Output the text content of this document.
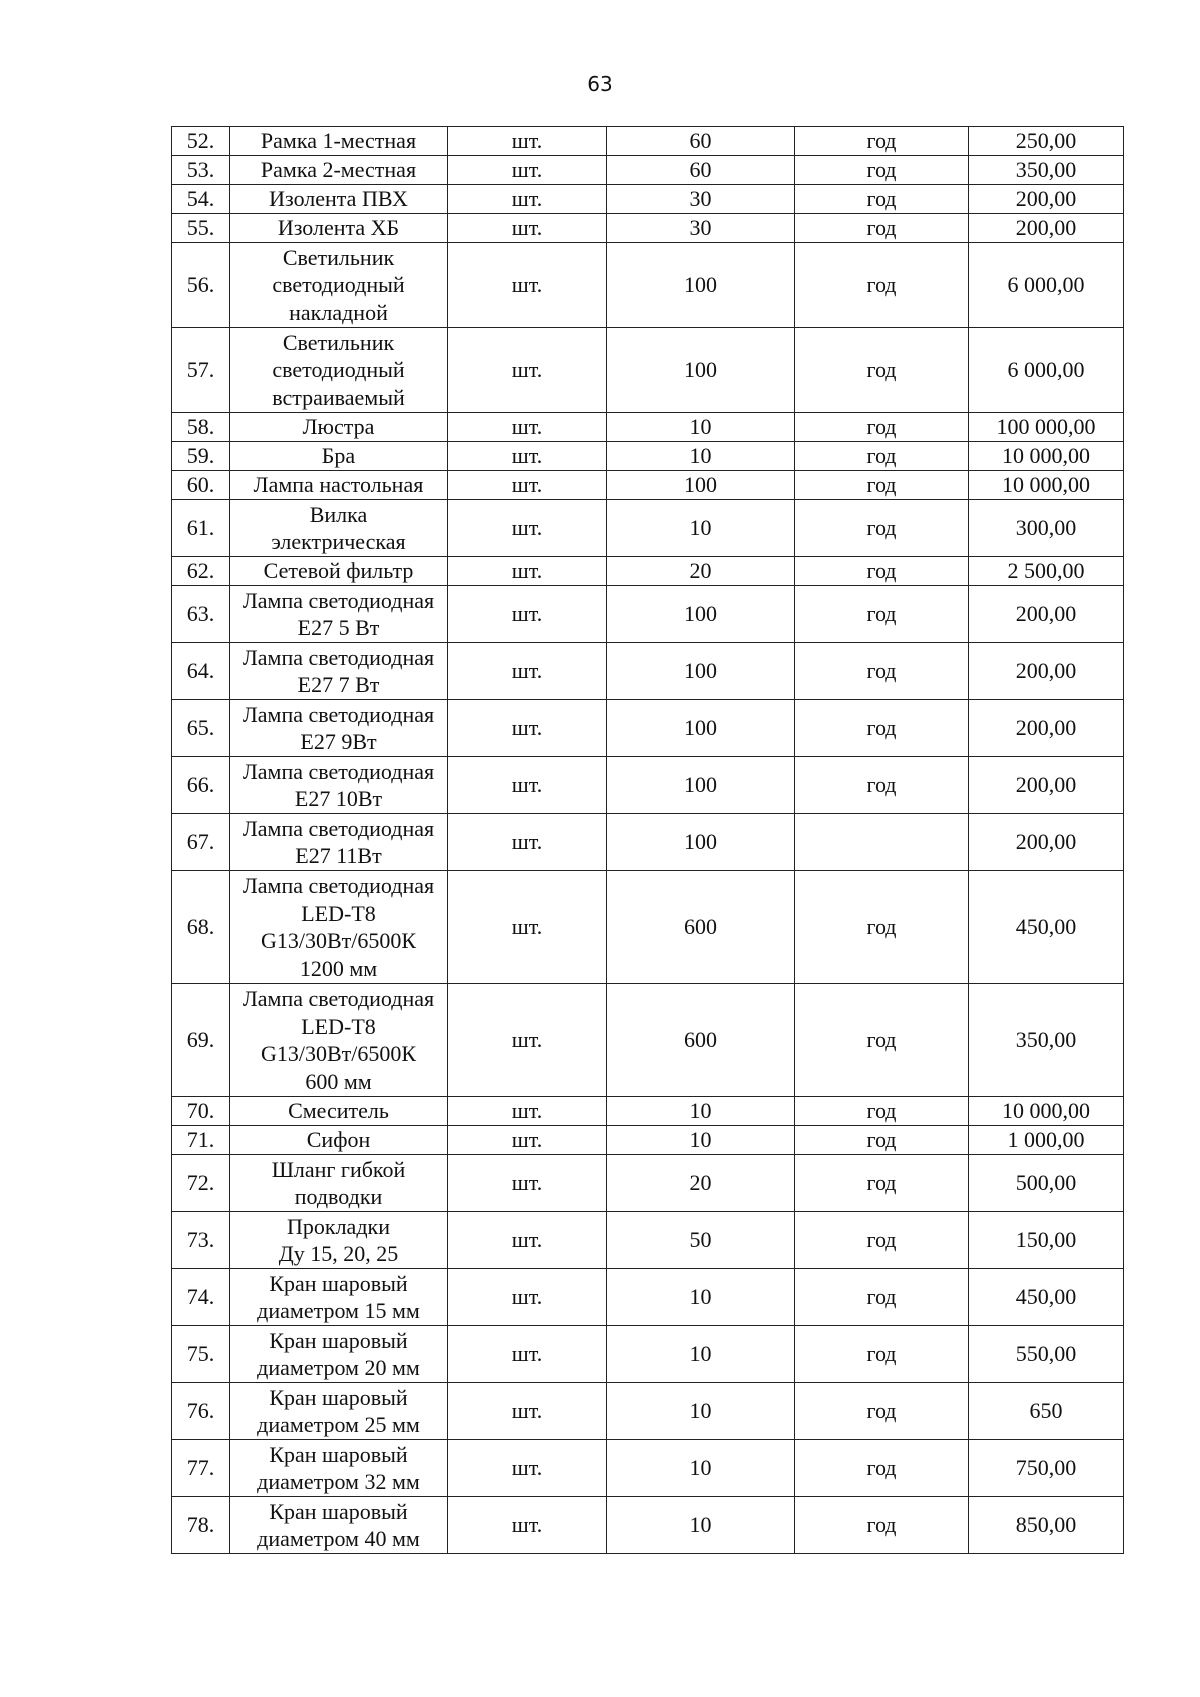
63
52.	Рамка 1-местная	шт.	60	год	250,00
53.	Рамка 2-местная	шт.	60	год	350,00
54.	Изолента ПВХ	шт.	30	год	200,00
55.	Изолента ХБ	шт.	30	год	200,00
56.	Светильник
светодиодный
накладной	шт.	100	год	6 000,00
57.	Светильник
светодиодный
встраиваемый	шт.	100	год	6 000,00
58.	Люстра	шт.	10	год	100 000,00
59.	Бра	шт.	10	год	10 000,00
60.	Лампа настольная	шт.	100	год	10 000,00
61.	Вилка
электрическая	шт.	10	год	300,00
62.	Сетевой фильтр	шт.	20	год	2 500,00
63.	Лампа светодиодная
Е27 5 Вт	шт.	100	год	200,00
64.	Лампа светодиодная
Е27 7 Вт	шт.	100	год	200,00
65.	Лампа светодиодная
Е27 9Вт	шт.	100	год	200,00
66.	Лампа светодиодная
Е27 10Вт	шт.	100	год	200,00
67.	Лампа светодиодная
Е27 11Вт	шт.	100		200,00
68.	Лампа светодиодная
LED-T8
G13/30Вт/6500К
1200 мм	шт.	600	год	450,00
69.	Лампа светодиодная
LED-T8
G13/30Вт/6500К
600 мм	шт.	600	год	350,00
70.	Смеситель	шт.	10	год	10 000,00
71.	Сифон	шт.	10	год	1 000,00
72.	Шланг гибкой
подводки	шт.	20	год	500,00
73.	Прокладки
Ду 15, 20, 25	шт.	50	год	150,00
74.	Кран шаровый
диаметром 15 мм	шт.	10	год	450,00
75.	Кран шаровый
диаметром 20 мм	шт.	10	год	550,00
76.	Кран шаровый
диаметром 25 мм	шт.	10	год	650
77.	Кран шаровый
диаметром 32 мм	шт.	10	год	750,00
78.	Кран шаровый
диаметром 40 мм	шт.	10	год	850,00
